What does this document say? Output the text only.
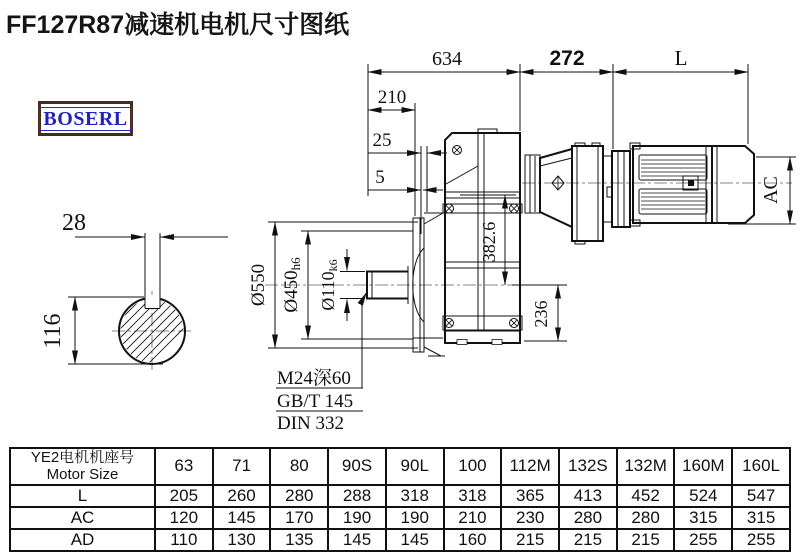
FF127R87减速机电机尺寸图纸
BOSERL
634	272	L
210
25
5
28
116
Ø550 Ø450h6
Ø110k6
382.6
236
AC
M24深60
GB/T 145
DIN 332
YE2电机机座号
Motor Size	63	71	80	90S	90L	100	112M	132S	132M	160M	160L
L	205	260	280	288	318	318	365	413	452	524	547
AC	120	145	170	190	190	210	230	280	280	315	315
AD	110	130	135	145	145	160	215	215	215	255	255
